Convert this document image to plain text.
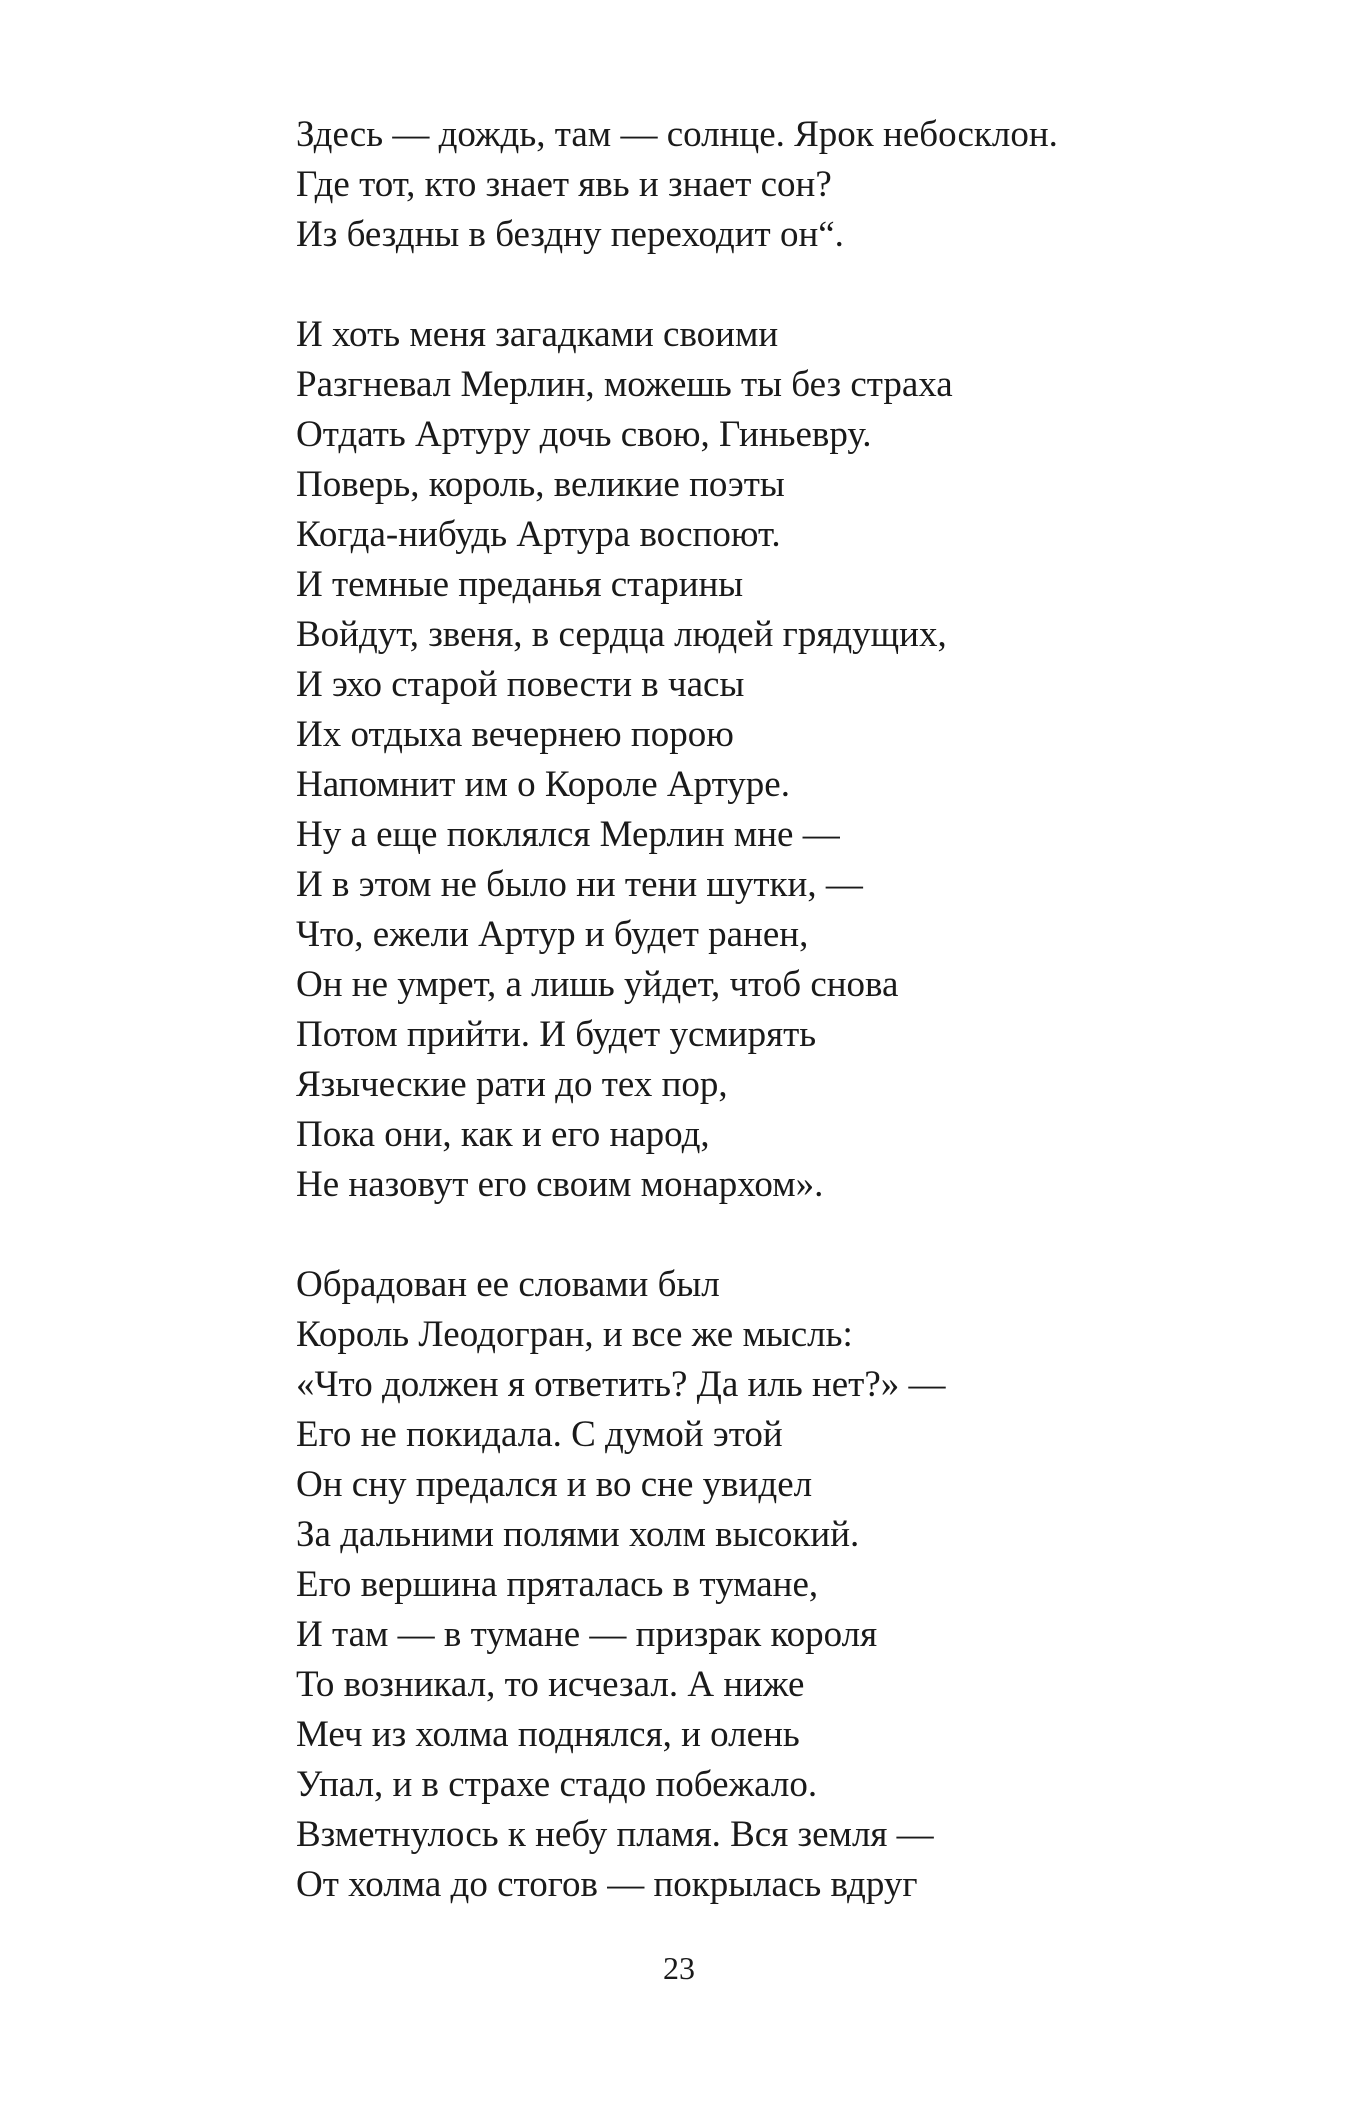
Здесь — дождь, там — солнце. Ярок небосклон.
Где тот, кто знает явь и знает сон?
Из бездны в бездну переходит он“.
И хоть меня загадками своими
Разгневал Мерлин, можешь ты без страха
Отдать Артуру дочь свою, Гиньевру.
Поверь, король, великие поэты
Когда-нибудь Артура воспоют.
И темные преданья старины
Войдут, звеня, в сердца людей грядущих,
И эхо старой повести в часы
Их отдыха вечернею порою
Напомнит им о Короле Артуре.
Ну а еще поклялся Мерлин мне —
И в этом не было ни тени шутки, —
Что, ежели Артур и будет ранен,
Он не умрет, а лишь уйдет, чтоб снова
Потом прийти. И будет усмирять
Языческие рати до тех пор,
Пока они, как и его народ,
Не назовут его своим монархом».
Обрадован ее словами был
Король Леодогран, и все же мысль:
«Что должен я ответить? Да иль нет?» —
Его не покидала. С думой этой
Он сну предался и во сне увидел
За дальними полями холм высокий.
Его вершина пряталась в тумане,
И там — в тумане — призрак короля
То возникал, то исчезал. А ниже
Меч из холма поднялся, и олень
Упал, и в страхе стадо побежало.
Взметнулось к небу пламя. Вся земля —
От холма до стогов — покрылась вдруг
23
